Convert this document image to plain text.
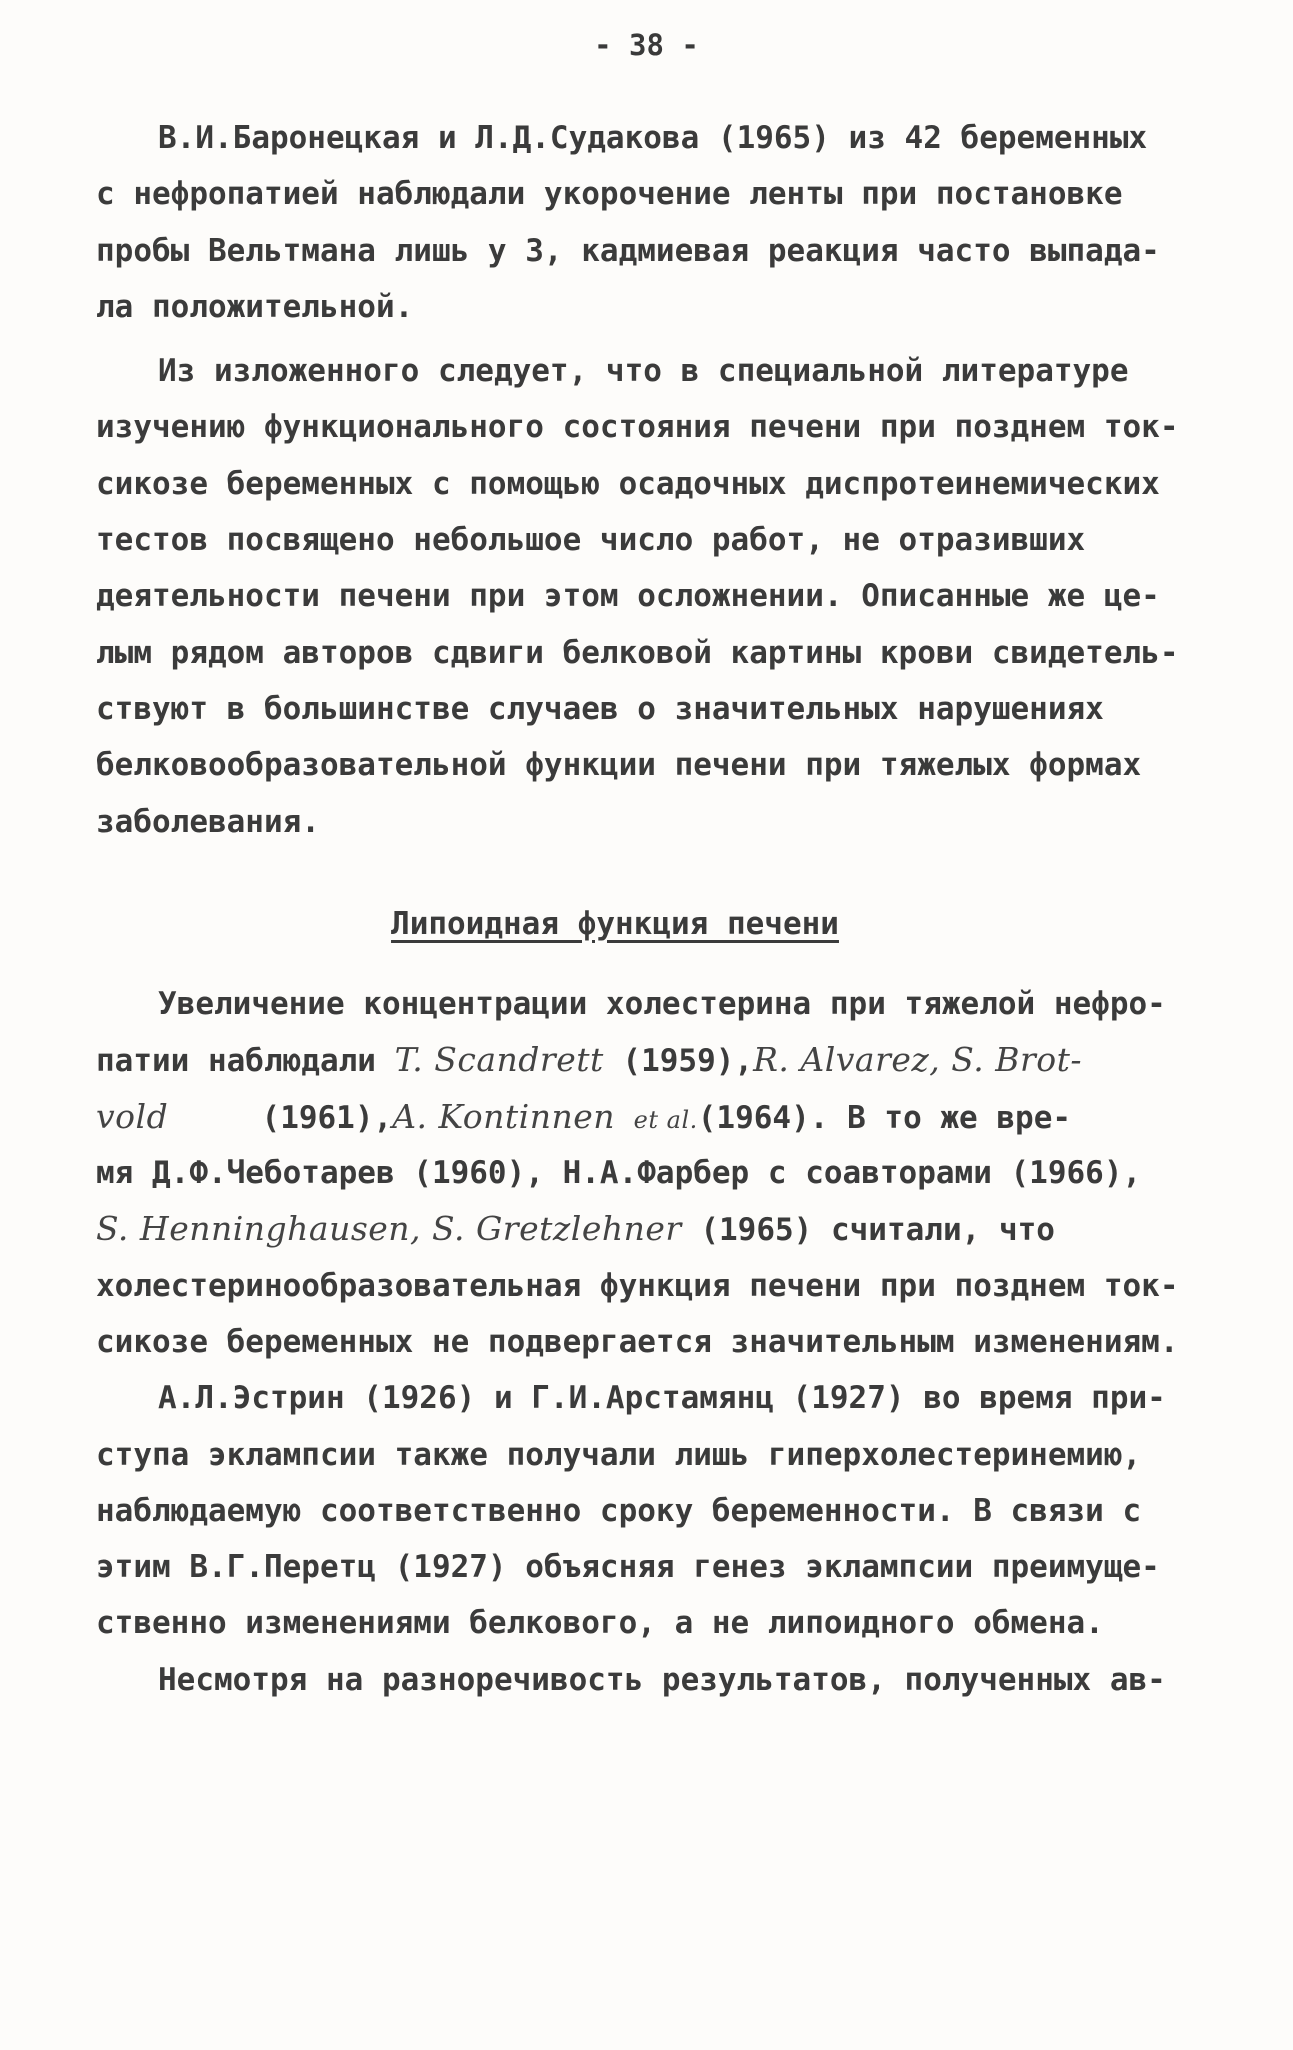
- 38 -
В.И.Баронецкая и Л.Д.Судакова (1965) из 42 беременных
с нефропатией наблюдали укорочение ленты при постановке
пробы Вельтмана лишь у 3, кадмиевая реакция часто выпада-
ла положительной.
Из изложенного следует, что в специальной литературе
изучению функционального состояния печени при позднем ток-
сикозе беременных с помощью осадочных диспротеинемических
тестов посвящено небольшое число работ, не отразивших
деятельности печени при этом осложнении. Описанные же це-
лым рядом авторов сдвиги белковой картины крови свидетель-
ствуют в большинстве случаев о значительных нарушениях
белковообразовательной функции печени при тяжелых формах
заболевания.
Липоидная функция печени
Увеличение концентрации холестерина при тяжелой нефро-
патии наблюдали T. Scandrett (1959),R. Alvarez, S. Brot-
vold	(1961),A. Kontinnen et al.(1964). В то же вре-
мя Д.Ф.Чеботарев (1960), Н.А.Фарбер с соавторами (1966),
S. Henninghausen, S. Gretzlehner (1965) считали, что
холестеринообразовательная функция печени при позднем ток-
сикозе беременных не подвергается значительным изменениям.
А.Л.Эстрин (1926) и Г.И.Арстамянц (1927) во время при-
ступа эклампсии также получали лишь гиперхолестеринемию,
наблюдаемую соответственно сроку беременности. В связи с
этим В.Г.Перетц (1927) объясняя генез эклампсии преимуще-
ственно изменениями белкового, а не липоидного обмена.
Несмотря на разноречивость результатов, полученных ав-
